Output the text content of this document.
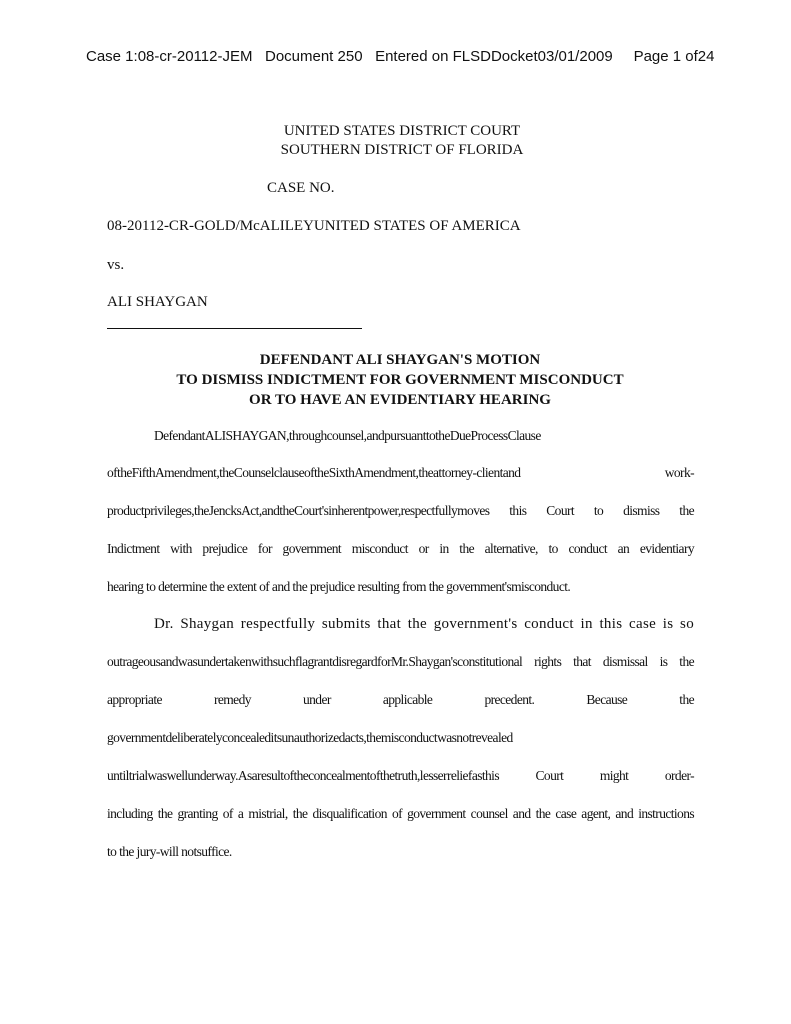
Case 1:08-cr-20112-JEM Document 250 Entered on FLSDDocket03/01/2009 Page 1 of24
UNITED STATES DISTRICT COURT
SOUTHERN DISTRICT OF FLORIDA
CASE NO.
08-20112-CR-GOLD/McALILEYUNITED STATES OF AMERICA
vs.
ALI SHAYGAN
DEFENDANT ALI SHAYGAN'S MOTION
TO DISMISS INDICTMENT FOR GOVERNMENT MISCONDUCT
OR TO HAVE AN EVIDENTIARY HEARING
DefendantALISHAYGAN,throughcounsel,andpursuanttotheDueProcessClause
oftheFifthAmendment,theCounselclauseoftheSixthAmendment,theattorney-clientand work-
productprivileges,theJencksAct,andtheCourt'sinherentpower,respectfullymoves this Court to dismiss the
Indictment with prejudice for government misconduct or in the alternative, to conduct an evidentiary
hearing to determine the extent of and the prejudice resulting from the government'smisconduct.
Dr. Shaygan respectfully submits that the government's conduct in this case is so
outrageousandwasundertakenwithsuchflagrantdisregardforMr.Shaygan'sconstitutional rights that dismissal is the
appropriate remedy under applicable precedent. Because the
governmentdeliberatelyconcealeditsunauthorizedacts,themisconductwasnotrevealed
untiltrialwaswellunderway.Asaresultoftheconcealmentofthetruth,lesserreliefasthis Court might order-
including the granting of a mistrial, the disqualification of government counsel and the case agent, and instructions
to the jury-will notsuffice.
